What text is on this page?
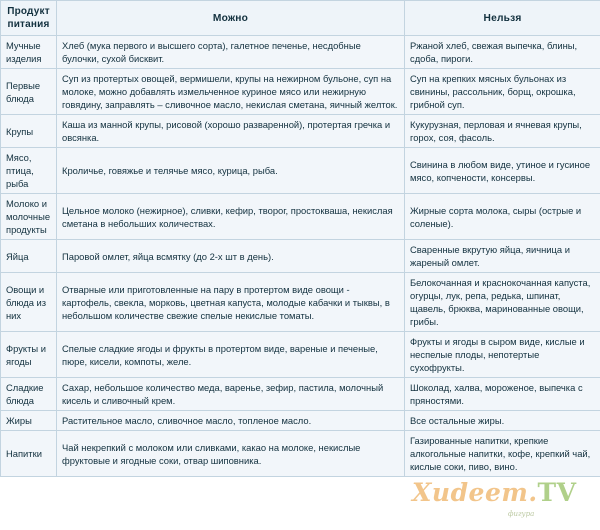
Продукт питания	Можно	Нельзя
Мучные изделия	Хлеб (мука первого и высшего сорта), галетное печенье, несдобные булочки, сухой бисквит.	Ржаной хлеб, свежая выпечка, блины, сдоба, пироги.
Первые блюда	Суп из протертых овощей, вермишели, крупы на нежирном бульоне, суп на молоке, можно добавлять измельченное куриное мясо или нежирную говядину, заправлять – сливочное масло, некислая сметана, яичный желток.	Суп на крепких мясных бульонах из свинины, рассольник, борщ, окрошка, грибной суп.
Крупы	Каша из манной крупы, рисовой (хорошо разваренной), протертая гречка и овсянка.	Кукурузная, перловая и ячневая крупы, горох, соя, фасоль.
Мясо, птица, рыба	Кроличье, говяжье и телячье мясо, курица, рыба.	Свинина в любом виде, утиное и гусиное мясо, копчености, консервы.
Молоко и молочные продукты	Цельное молоко (нежирное), сливки, кефир, творог, простокваша, некислая сметана в небольших количествах.	Жирные сорта молока, сыры (острые и соленые).
Яйца	Паровой омлет, яйца всмятку (до 2-х шт в день).	Сваренные вкрутую яйца, яичница и жареный омлет.
Овощи и блюда из них	Отварные или приготовленные на пару в протертом виде овощи - картофель, свекла, морковь, цветная капуста, молодые кабачки и тыквы, в небольшом количестве свежие спелые некислые томаты.	Белокочанная и краснокочанная капуста, огурцы, лук, репа, редька, шпинат, щавель, брюква, маринованные овощи, грибы.
Фрукты и ягоды	Спелые сладкие ягоды и фрукты в протертом виде, вареные и печеные, пюре, кисели, компоты, желе.	Фрукты и ягоды в сыром виде, кислые и неспелые плоды, непотертые сухофрукты.
Сладкие блюда	Сахар, небольшое количество меда, варенье, зефир, пастила, молочный кисель и сливочный крем.	Шоколад, халва, мороженое, выпечка с пряностями.
Жиры	Растительное масло, сливочное масло, топленое масло.	Все остальные жиры.
Напитки	Чай некрепкий с молоком или сливками, какао на молоке, некислые фруктовые и ягодные соки, отвар шиповника.	Газированные напитки, крепкие алкогольные напитки, кофе, крепкий чай, кислые соки, пиво, вино.
Xudeem.TV
фигура
